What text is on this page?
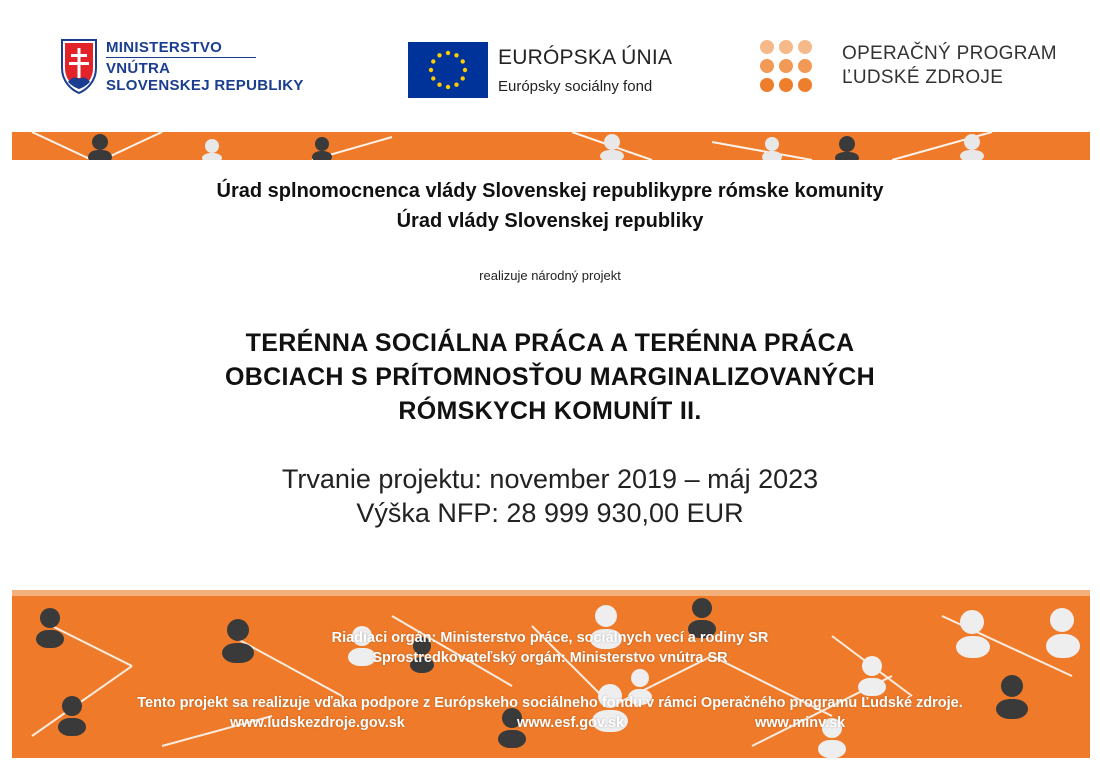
MINISTERSTVO
VNÚTRA
SLOVENSKEJ REPUBLIKY
EURÓPSKA ÚNIA
Európsky sociálny fond
OPERAČNÝ PROGRAM
ĽUDSKÉ ZDROJE
Úrad splnomocnenca vlády Slovenskej republikypre rómske komunity
Úrad vlády Slovenskej republiky
realizuje národný projekt
TERÉNNA SOCIÁLNA PRÁCA A TERÉNNA PRÁCA
OBCIACH S PRÍTOMNOSŤOU MARGINALIZOVANÝCH
RÓMSKYCH KOMUNÍT II.
Trvanie projektu: november 2019 – máj 2023
Výška NFP: 28 999 930,00 EUR
Riadiaci orgán: Ministerstvo práce, sociálnych vecí a rodiny SR
Sprostredkovateľský orgán: Ministerstvo vnútra SR
Tento projekt sa realizuje vďaka podpore z Európskeho sociálneho fondu v rámci Operačného programu Ľudské zdroje.
www.ludskezdroje.gov.sk	www.esf.gov.sk	www.minv.sk
